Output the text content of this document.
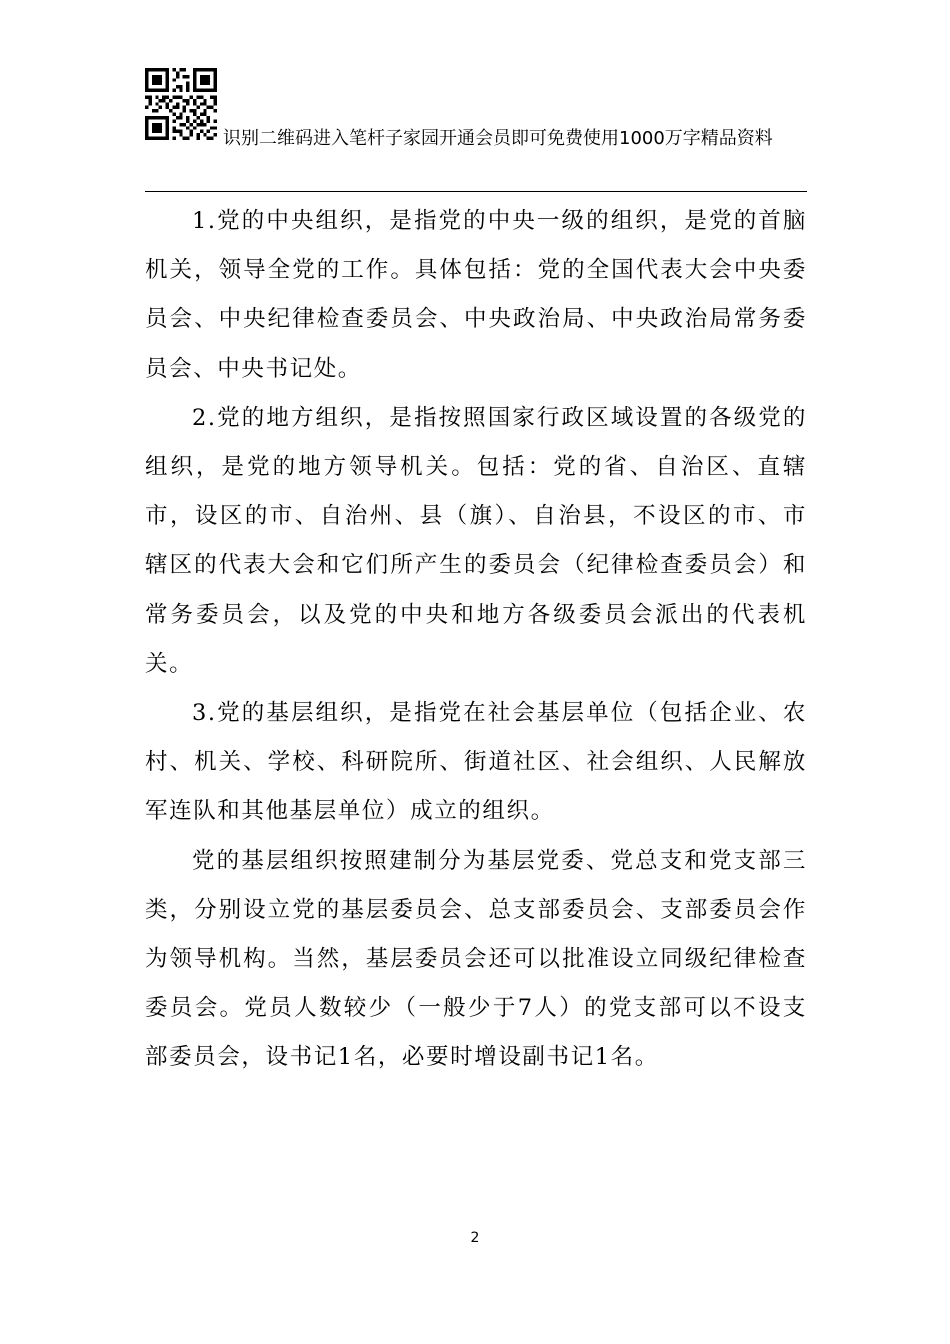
识别二维码进入笔杆子家园开通会员即可免费使用1000万字精品资料

1.党的中央组织，是指党的中央一级的组织，是党的首脑机关，领导全党的工作。具体包括：党的全国代表大会中央委员会、中央纪律检查委员会、中央政治局、中央政治局常务委员会、中央书记处。

2.党的地方组织，是指按照国家行政区域设置的各级党的组织，是党的地方领导机关。包括：党的省、自治区、直辖市，设区的市、自治州、县（旗）、自治县，不设区的市、市辖区的代表大会和它们所产生的委员会（纪律检查委员会）和常务委员会，以及党的中央和地方各级委员会派出的代表机关。

3.党的基层组织，是指党在社会基层单位（包括企业、农村、机关、学校、科研院所、街道社区、社会组织、人民解放军连队和其他基层单位）成立的组织。

党的基层组织按照建制分为基层党委、党总支和党支部三类，分别设立党的基层委员会、总支部委员会、支部委员会作为领导机构。当然，基层委员会还可以批准设立同级纪律检查委员会。党员人数较少（一般少于7人）的党支部可以不设支部委员会，设书记1名，必要时增设副书记1名。

2
